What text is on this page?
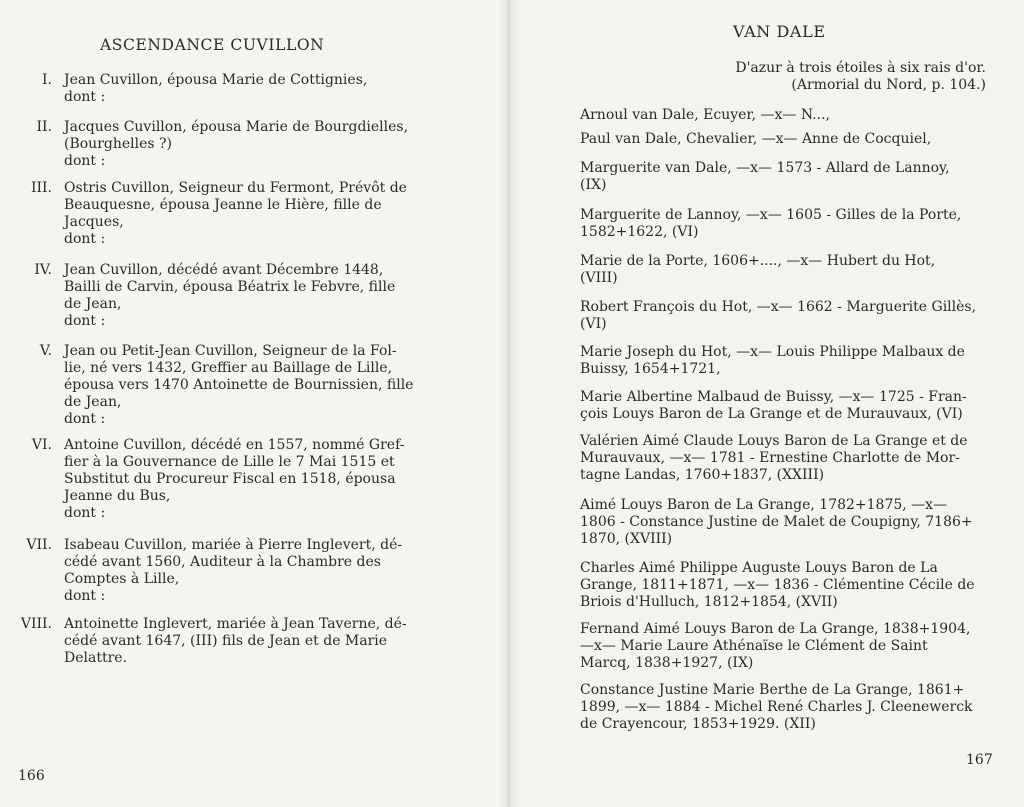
ASCENDANCE CUVILLON
I. Jean Cuvillon, épousa Marie de Cottignies,
dont :
II. Jacques Cuvillon, épousa Marie de Bourgdielles,
(Bourghelles ?)
dont :
III. Ostris Cuvillon, Seigneur du Fermont, Prévôt de
Beauquesne, épousa Jeanne le Hière, fille de
Jacques,
dont :
IV. Jean Cuvillon, décédé avant Décembre 1448,
Bailli de Carvin, épousa Béatrix le Febvre, fille
de Jean,
dont :
V. Jean ou Petit-Jean Cuvillon, Seigneur de la Fol-
lie, né vers 1432, Greffier au Baillage de Lille,
épousa vers 1470 Antoinette de Bournissien, fille
de Jean,
dont :
VI. Antoine Cuvillon, décédé en 1557, nommé Gref-
fier à la Gouvernance de Lille le 7 Mai 1515 et
Substitut du Procureur Fiscal en 1518, épousa
Jeanne du Bus,
dont :
VII. Isabeau Cuvillon, mariée à Pierre Inglevert, dé-
cédé avant 1560, Auditeur à la Chambre des
Comptes à Lille,
dont :
VIII. Antoinette Inglevert, mariée à Jean Taverne, dé-
cédé avant 1647, (III) fils de Jean et de Marie
Delattre.
166
VAN DALE
D'azur à trois étoiles à six rais d'or.
(Armorial du Nord, p. 104.)
Arnoul van Dale, Ecuyer, —x— N...,
Paul van Dale, Chevalier, —x— Anne de Cocquiel,
Marguerite van Dale, —x— 1573 - Allard de Lannoy,
(IX)
Marguerite de Lannoy, —x— 1605 - Gilles de la Porte,
1582+1622, (VI)
Marie de la Porte, 1606+...., —x— Hubert du Hot,
(VIII)
Robert François du Hot, —x— 1662 - Marguerite Gillès,
(VI)
Marie Joseph du Hot, —x— Louis Philippe Malbaux de
Buissy, 1654+1721,
Marie Albertine Malbaud de Buissy, —x— 1725 - Fran-
çois Louys Baron de La Grange et de Murauvaux, (VI)
Valérien Aimé Claude Louys Baron de La Grange et de
Murauvaux, —x— 1781 - Ernestine Charlotte de Mor-
tagne Landas, 1760+1837, (XXIII)
Aimé Louys Baron de La Grange, 1782+1875, —x—
1806 - Constance Justine de Malet de Coupigny, 7186+
1870, (XVIII)
Charles Aimé Philippe Auguste Louys Baron de La
Grange, 1811+1871, —x— 1836 - Clémentine Cécile de
Briois d'Hulluch, 1812+1854, (XVII)
Fernand Aimé Louys Baron de La Grange, 1838+1904,
—x— Marie Laure Athénaïse le Clément de Saint
Marcq, 1838+1927, (IX)
Constance Justine Marie Berthe de La Grange, 1861+
1899, —x— 1884 - Michel René Charles J. Cleenewerck
de Crayencour, 1853+1929. (XII)
167
